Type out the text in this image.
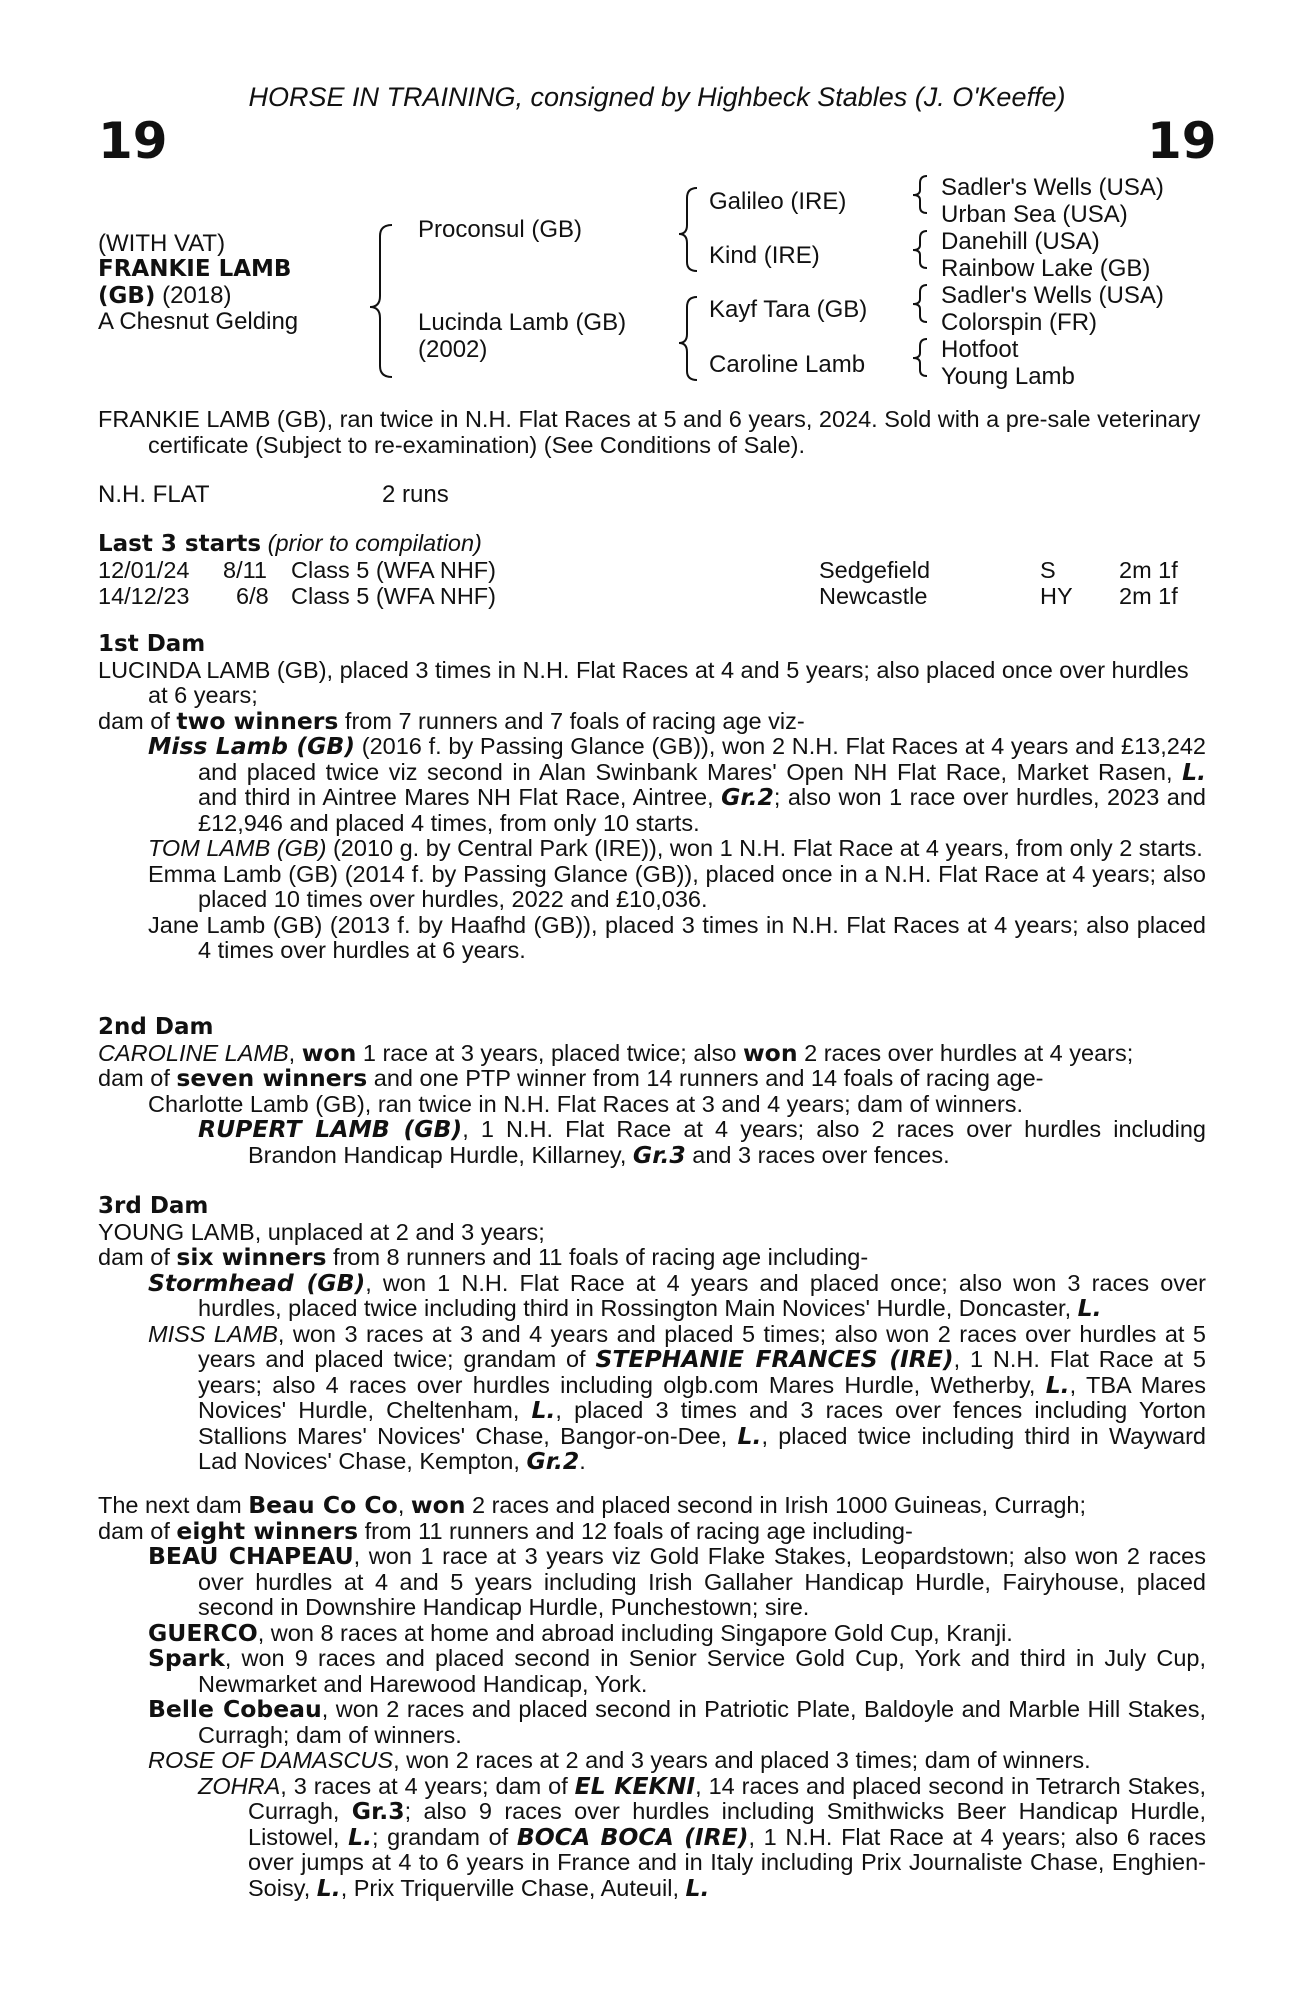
HORSE IN TRAINING, consigned by Highbeck Stables (J. O'Keeffe)
19	19
(WITH VAT)
FRANKIE LAMB
(GB) (2018)
A Chesnut Gelding
Proconsul (GB)
Lucinda Lamb (GB)
(2002)
Galileo (IRE)
Kind (IRE)
Kayf Tara (GB)
Caroline Lamb
Sadler's Wells (USA)
Urban Sea (USA)
Danehill (USA)
Rainbow Lake (GB)
Sadler's Wells (USA)
Colorspin (FR)
Hotfoot
Young Lamb

FRANKIE LAMB (GB), ran twice in N.H. Flat Races at 5 and 6 years, 2024. Sold with a pre-sale veterinary certificate (Subject to re-examination) (See Conditions of Sale).

N.H. FLAT	2 runs
Last 3 starts (prior to compilation)
12/01/24 8/11 Class 5 (WFA NHF)	Sedgefield	S	2m 1f
14/12/23 6/8 Class 5 (WFA NHF)	Newcastle	HY 2m 1f
1st Dam

LUCINDA LAMB (GB), placed 3 times in N.H. Flat Races at 4 and 5 years; also placed once over hurdles at 6 years;

dam of two winners from 7 runners and 7 foals of racing age viz-

Miss Lamb (GB) (2016 f. by Passing Glance (GB)), won 2 N.H. Flat Races at 4 years and £13,242 and placed twice viz second in Alan Swinbank Mares' Open NH Flat Race, Market Rasen, L. and third in Aintree Mares NH Flat Race, Aintree, Gr.2; also won 1 race over hurdles, 2023 and £12,946 and placed 4 times, from only 10 starts.

TOM LAMB (GB) (2010 g. by Central Park (IRE)), won 1 N.H. Flat Race at 4 years, from only 2 starts.

Emma Lamb (GB) (2014 f. by Passing Glance (GB)), placed once in a N.H. Flat Race at 4 years; also placed 10 times over hurdles, 2022 and £10,036.

Jane Lamb (GB) (2013 f. by Haafhd (GB)), placed 3 times in N.H. Flat Races at 4 years; also placed 4 times over hurdles at 6 years.

2nd Dam

CAROLINE LAMB, won 1 race at 3 years, placed twice; also won 2 races over hurdles at 4 years;

dam of seven winners and one PTP winner from 14 runners and 14 foals of racing age-

Charlotte Lamb (GB), ran twice in N.H. Flat Races at 3 and 4 years; dam of winners.

RUPERT LAMB (GB), 1 N.H. Flat Race at 4 years; also 2 races over hurdles including Brandon Handicap Hurdle, Killarney, Gr.3 and 3 races over fences.

3rd Dam

YOUNG LAMB, unplaced at 2 and 3 years;

dam of six winners from 8 runners and 11 foals of racing age including-

Stormhead (GB), won 1 N.H. Flat Race at 4 years and placed once; also won 3 races over hurdles, placed twice including third in Rossington Main Novices' Hurdle, Doncaster, L.

MISS LAMB, won 3 races at 3 and 4 years and placed 5 times; also won 2 races over hurdles at 5 years and placed twice; grandam of STEPHANIE FRANCES (IRE), 1 N.H. Flat Race at 5 years; also 4 races over hurdles including olgb.com Mares Hurdle, Wetherby, L., TBA Mares Novices' Hurdle, Cheltenham, L., placed 3 times and 3 races over fences including Yorton Stallions Mares' Novices' Chase, Bangor-on-Dee, L., placed twice including third in Wayward Lad Novices' Chase, Kempton, Gr.2.

The next dam Beau Co Co, won 2 races and placed second in Irish 1000 Guineas, Curragh;

dam of eight winners from 11 runners and 12 foals of racing age including-

BEAU CHAPEAU, won 1 race at 3 years viz Gold Flake Stakes, Leopardstown; also won 2 races over hurdles at 4 and 5 years including Irish Gallaher Handicap Hurdle, Fairyhouse, placed second in Downshire Handicap Hurdle, Punchestown; sire.

GUERCO, won 8 races at home and abroad including Singapore Gold Cup, Kranji.

Spark, won 9 races and placed second in Senior Service Gold Cup, York and third in July Cup, Newmarket and Harewood Handicap, York.

Belle Cobeau, won 2 races and placed second in Patriotic Plate, Baldoyle and Marble Hill Stakes, Curragh; dam of winners.

ROSE OF DAMASCUS, won 2 races at 2 and 3 years and placed 3 times; dam of winners.

ZOHRA, 3 races at 4 years; dam of EL KEKNI, 14 races and placed second in Tetrarch Stakes, Curragh, Gr.3; also 9 races over hurdles including Smithwicks Beer Handicap Hurdle, Listowel, L.; grandam of BOCA BOCA (IRE), 1 N.H. Flat Race at 4 years; also 6 races over jumps at 4 to 6 years in France and in Italy including Prix Journaliste Chase, Enghien-Soisy, L., Prix Triquerville Chase, Auteuil, L.
